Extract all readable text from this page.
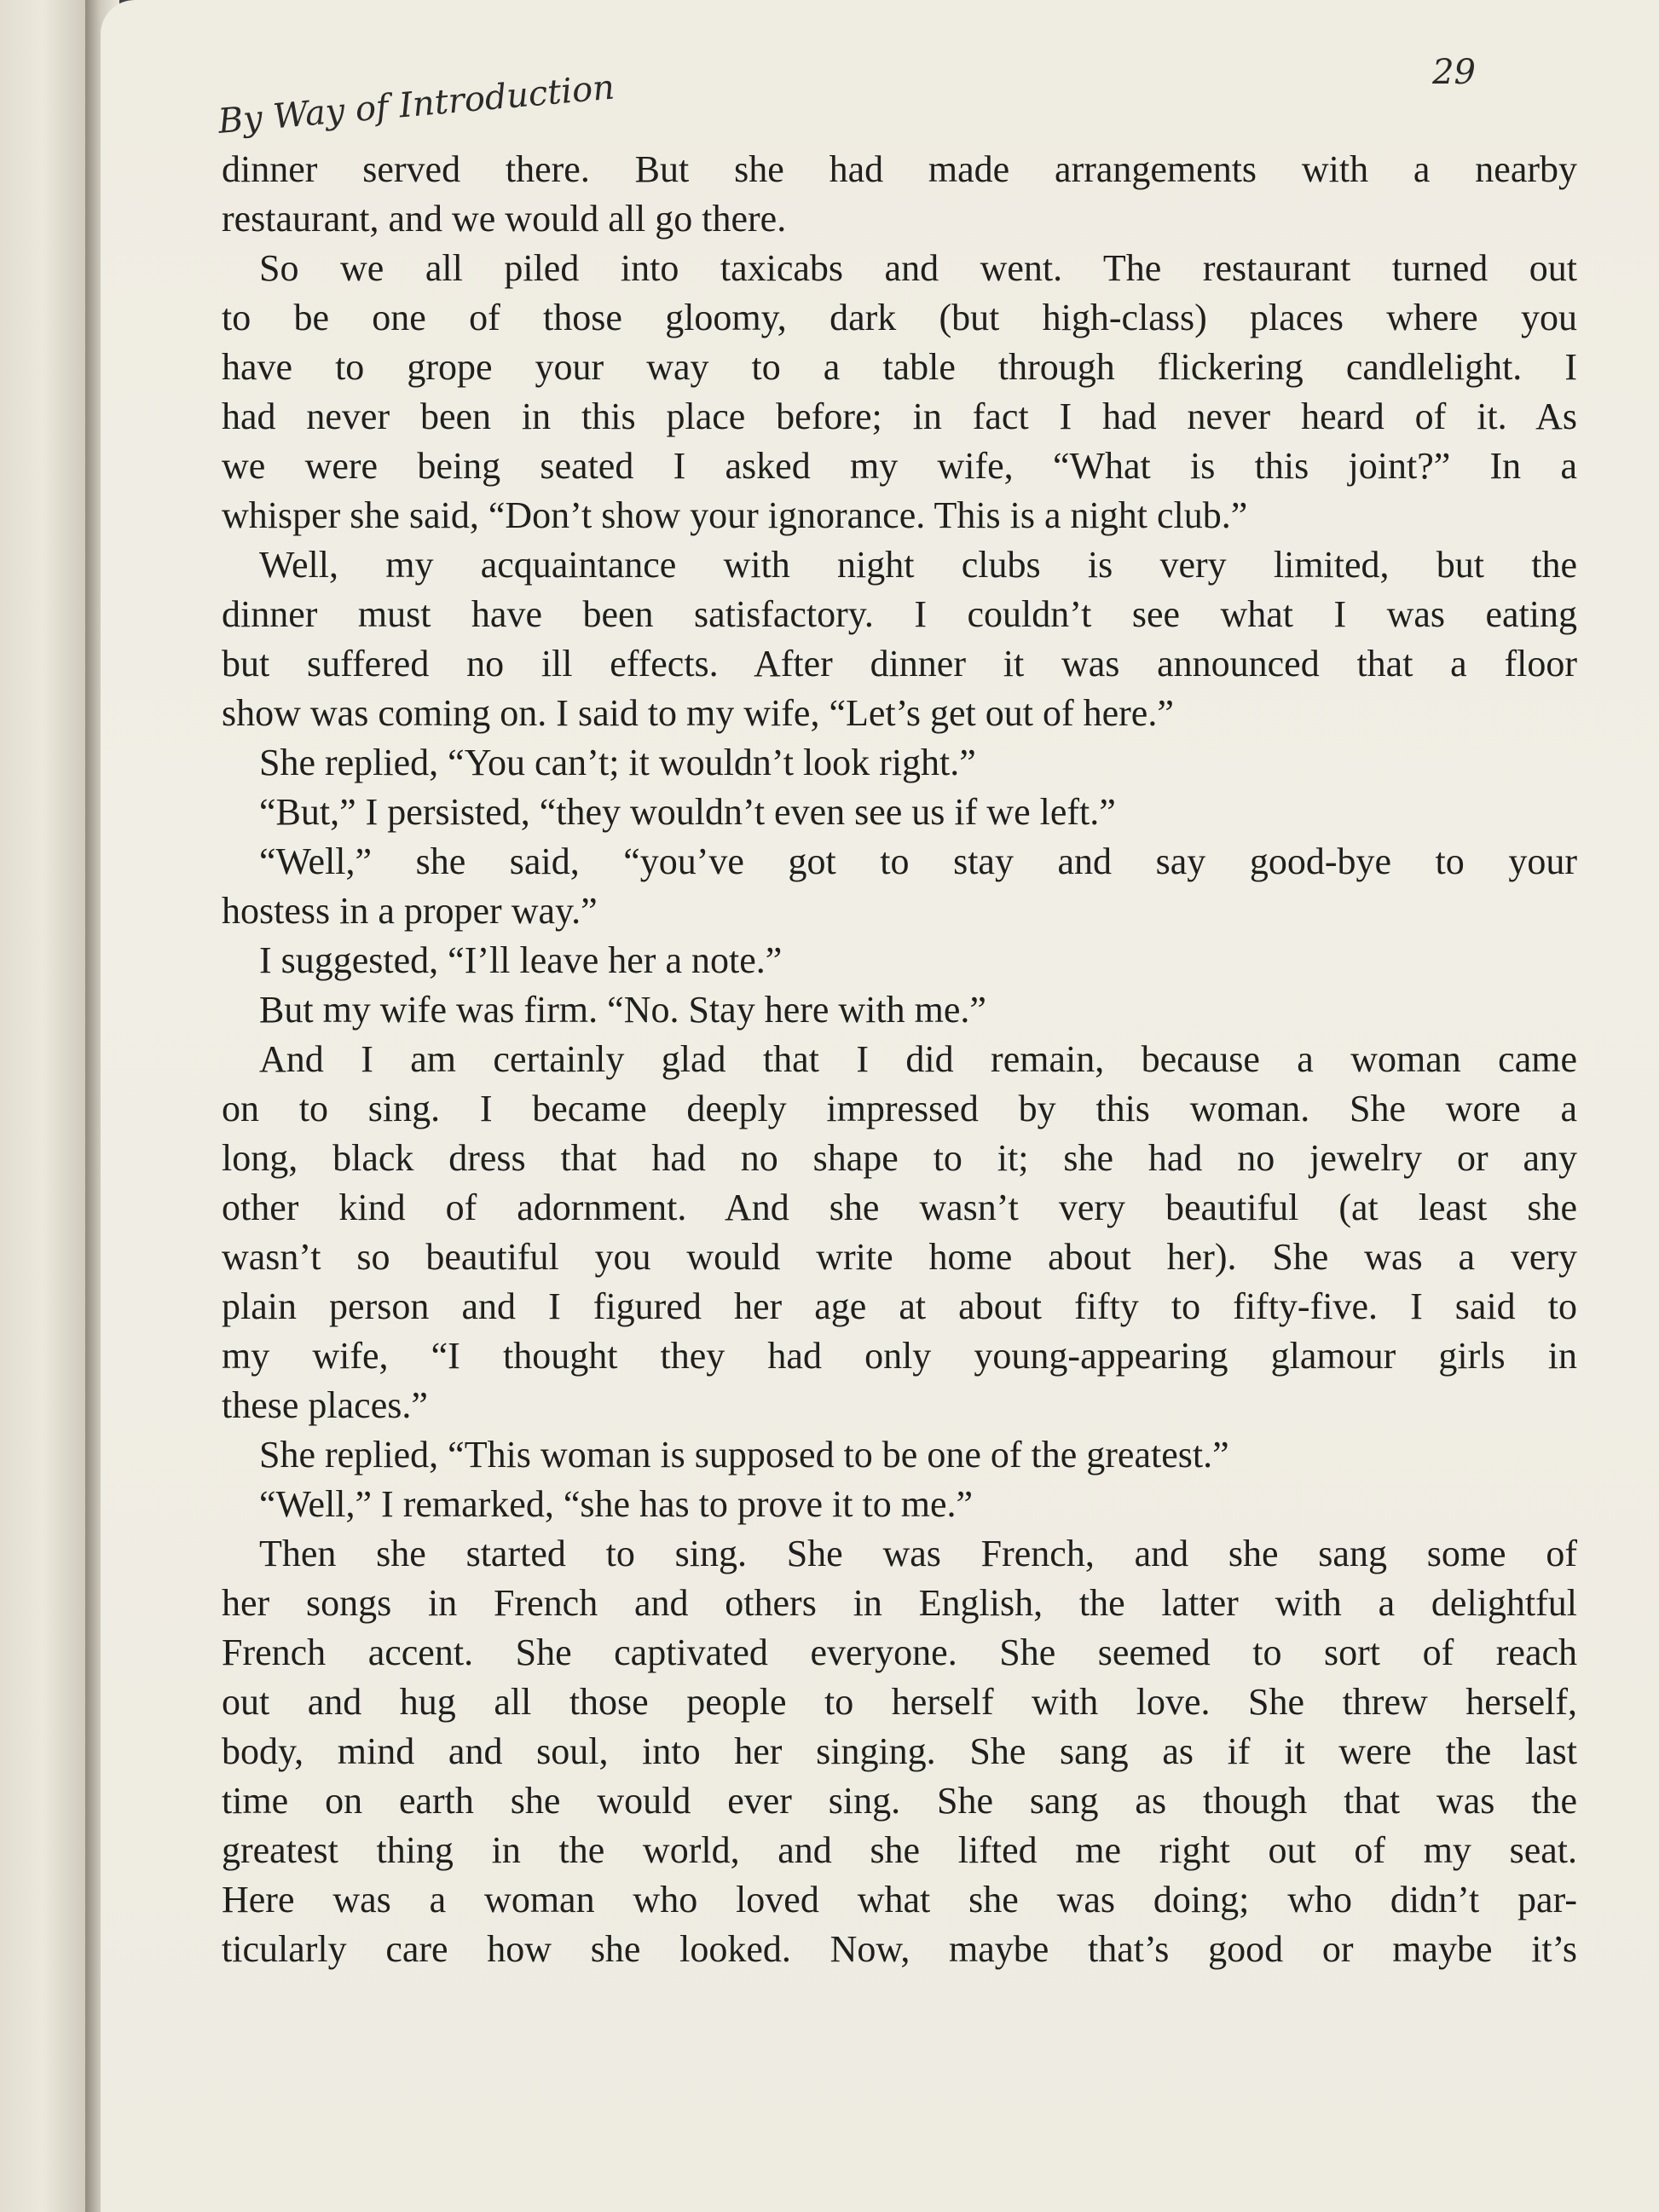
29
By Way of Introduction
dinner served there. But she had made arrangements with a nearby
restaurant, and we would all go there.
So we all piled into taxicabs and went. The restaurant turned out
to be one of those gloomy, dark (but high-class) places where you
have to grope your way to a table through flickering candlelight. I
had never been in this place before; in fact I had never heard of it. As
we were being seated I asked my wife, “What is this joint?” In a
whisper she said, “Don’t show your ignorance. This is a night club.”
Well, my acquaintance with night clubs is very limited, but the
dinner must have been satisfactory. I couldn’t see what I was eating
but suffered no ill effects. After dinner it was announced that a floor
show was coming on. I said to my wife, “Let’s get out of here.”
She replied, “You can’t; it wouldn’t look right.”
“But,” I persisted, “they wouldn’t even see us if we left.”
“Well,” she said, “you’ve got to stay and say good-bye to your
hostess in a proper way.”
I suggested, “I’ll leave her a note.”
But my wife was firm. “No. Stay here with me.”
And I am certainly glad that I did remain, because a woman came
on to sing. I became deeply impressed by this woman. She wore a
long, black dress that had no shape to it; she had no jewelry or any
other kind of adornment. And she wasn’t very beautiful (at least she
wasn’t so beautiful you would write home about her). She was a very
plain person and I figured her age at about fifty to fifty-five. I said to
my wife, “I thought they had only young-appearing glamour girls in
these places.”
She replied, “This woman is supposed to be one of the greatest.”
“Well,” I remarked, “she has to prove it to me.”
Then she started to sing. She was French, and she sang some of
her songs in French and others in English, the latter with a delightful
French accent. She captivated everyone. She seemed to sort of reach
out and hug all those people to herself with love. She threw herself,
body, mind and soul, into her singing. She sang as if it were the last
time on earth she would ever sing. She sang as though that was the
greatest thing in the world, and she lifted me right out of my seat.
Here was a woman who loved what she was doing; who didn’t par-
ticularly care how she looked. Now, maybe that’s good or maybe it’s
